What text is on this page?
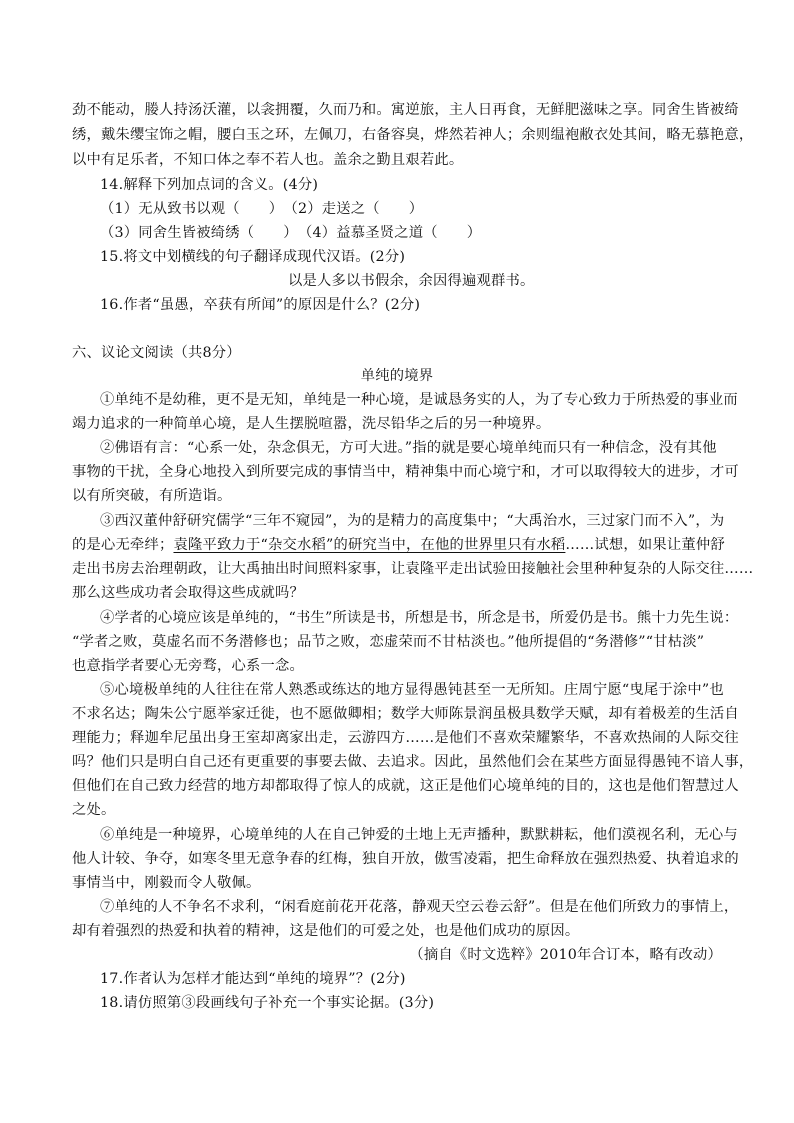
劲不能动，媵人持汤沃灌，以衾拥覆，久而乃和。寓逆旅，主人日再食，无鲜肥滋味之享。同舍生皆被绮
绣，戴朱缨宝饰之帽，腰白玉之环，左佩刀，右备容臭，烨然若神人；余则缊袍敝衣处其间，略无慕艳意，
以中有足乐者，不知口体之奉不若人也。盖余之勤且艰若此。
14.解释下列加点词的含义。(4分)
（1）无从致书以观（　　）　（2）走送之（　　）
（3）同舍生皆被绮绣（　　）　（4）益慕圣贤之道（　　）
15.将文中划横线的句子翻译成现代汉语。(2分)
以是人多以书假余，余因得遍观群书。
16.作者“虽愚，卒获有所闻”的原因是什么？(2分)
六、议论文阅读（共8分）
单纯的境界
①单纯不是幼稚，更不是无知，单纯是一种心境，是诚恳务实的人，为了专心致力于所热爱的事业而
竭力追求的一种简单心境，是人生摆脱喧嚣，洗尽铅华之后的另一种境界。
②佛语有言：“心系一处，杂念俱无，方可大进。”指的就是要心境单纯而只有一种信念，没有其他
事物的干扰，全身心地投入到所要完成的事情当中，精神集中而心境宁和，才可以取得较大的进步，才可
以有所突破，有所造诣。
③西汉董仲舒研究儒学“三年不窥园”，为的是精力的高度集中；“大禹治水，三过家门而不入”，为
的是心无牵绊；袁隆平致力于“杂交水稻”的研究当中，在他的世界里只有水稻……试想，如果让董仲舒
走出书房去治理朝政，让大禹抽出时间照料家事，让袁隆平走出试验田接触社会里种种复杂的人际交往……
那么这些成功者会取得这些成就吗？
④学者的心境应该是单纯的，“书生”所读是书，所想是书，所念是书，所爱仍是书。熊十力先生说：
“学者之败，莫虚名而不务潜修也；品节之败，恋虚荣而不甘枯淡也。”他所提倡的“务潜修”“甘枯淡”
也意指学者要心无旁骛，心系一念。
⑤心境极单纯的人往往在常人熟悉或练达的地方显得愚钝甚至一无所知。庄周宁愿“曳尾于涂中”也
不求名达；陶朱公宁愿举家迁徙，也不愿做卿相；数学大师陈景润虽极具数学天赋，却有着极差的生活自
理能力；释迦牟尼虽出身王室却离家出走，云游四方……是他们不喜欢荣耀繁华，不喜欢热闹的人际交往
吗？他们只是明白自己还有更重要的事要去做、去追求。因此，虽然他们会在某些方面显得愚钝不谙人事，
但他们在自己致力经营的地方却都取得了惊人的成就，这正是他们心境单纯的目的，这也是他们智慧过人
之处。
⑥单纯是一种境界，心境单纯的人在自己钟爱的土地上无声播种，默默耕耘，他们漠视名利，无心与
他人计较、争夺，如寒冬里无意争春的红梅，独自开放，傲雪凌霜，把生命释放在强烈热爱、执着追求的
事情当中，刚毅而令人敬佩。
⑦单纯的人不争名不求利，“闲看庭前花开花落，静观天空云卷云舒”。但是在他们所致力的事情上，
却有着强烈的热爱和执着的精神，这是他们的可爱之处，也是他们成功的原因。
（摘自《时文选粹》2010年合订本，略有改动）
17.作者认为怎样才能达到“单纯的境界”？(2分)
18.请仿照第③段画线句子补充一个事实论据。(3分)
